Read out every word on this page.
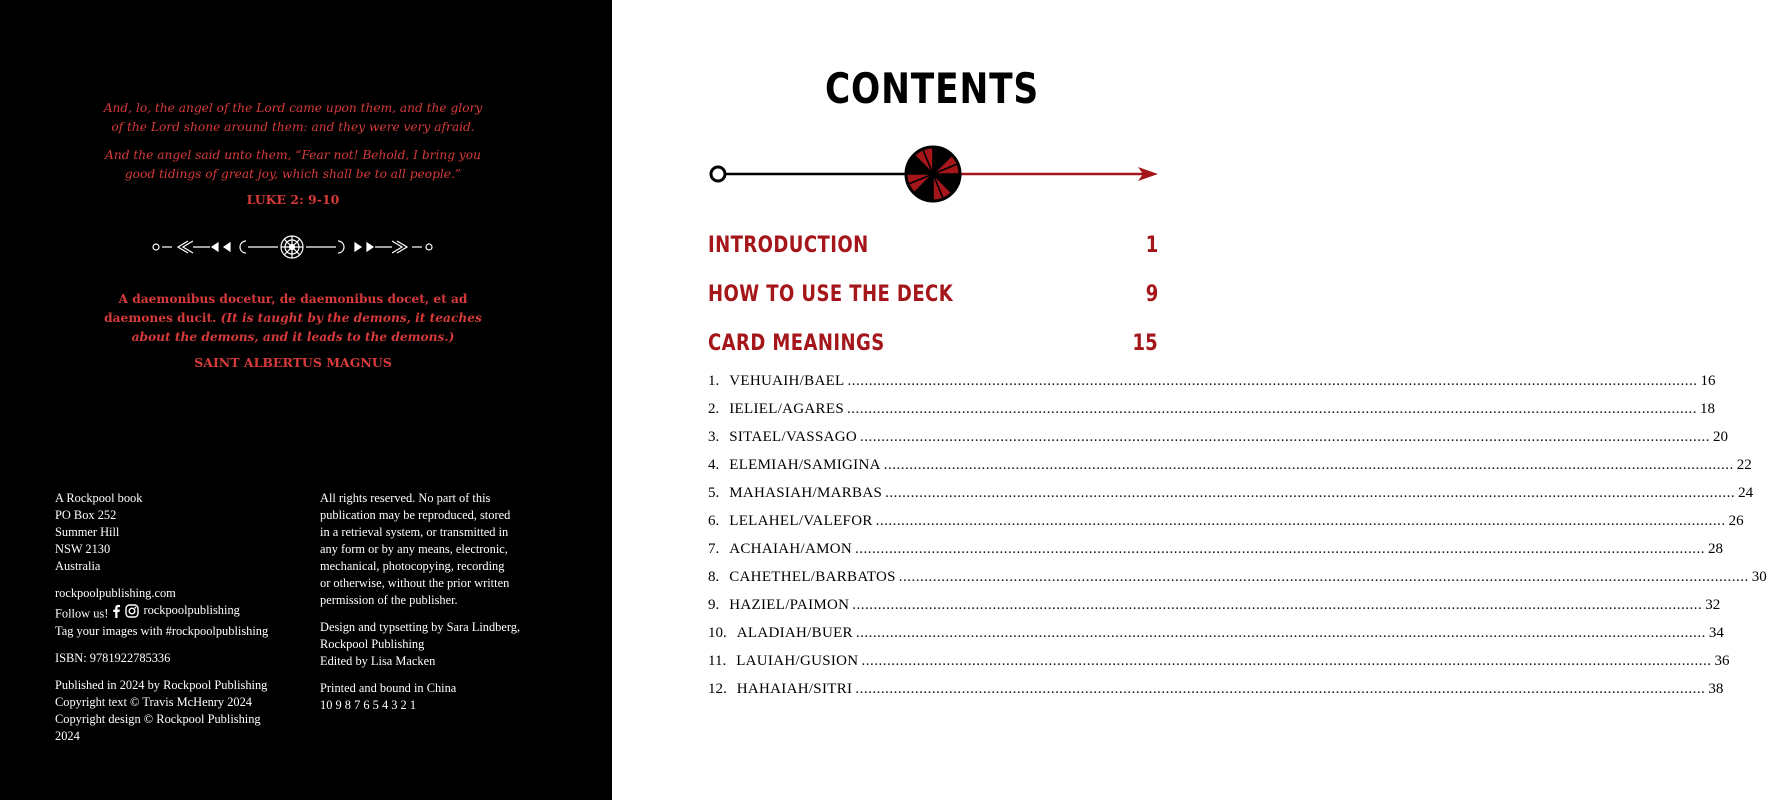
And, lo, the angel of the Lord came upon them, and the glory
of the Lord shone around them: and they were very afraid.

And the angel said unto them, “Fear not! Behold, I bring you
good tidings of great joy, which shall be to all people.”

LUKE 2: 9-10

A daemonibus docetur, de daemonibus docet, et ad
daemones ducit. (It is taught by the demons, it teaches
about the demons, and it leads to the demons.)

SAINT ALBERTUS MAGNUS

A Rockpool book

PO Box 252

Summer Hill

NSW 2130

Australia

rockpoolpublishing.com

Follow us!	rockpoolpublishing

Tag your images with #rockpoolpublishing

ISBN: 9781922785336

Published in 2024 by Rockpool Publishing

Copyright text © Travis McHenry 2024

Copyright design © Rockpool Publishing

2024

All rights reserved. No part of this

publication may be reproduced, stored

in a retrieval system, or transmitted in

any form or by any means, electronic,

mechanical, photocopying, recording

or otherwise, without the prior written

permission of the publisher.

Design and typsetting by Sara Lindberg,

Rockpool Publishing

Edited by Lisa Macken

Printed and bound in China

10 9 8 7 6 5 4 3 2 1

CONTENTS
INTRODUCTION	1
HOW TO USE THE DECK	9
CARD MEANINGS	15
1. VEHUAIH/BAEL ........................................................................................................................................................................................................ 16
2. IELIEL/AGARES ........................................................................................................................................................................................................ 18
3. SITAEL/VASSAGO ........................................................................................................................................................................................................ 20
4. ELEMIAH/SAMIGINA ........................................................................................................................................................................................................ 22
5. MAHASIAH/MARBAS ........................................................................................................................................................................................................ 24
6. LELAHEL/VALEFOR ........................................................................................................................................................................................................ 26
7. ACHAIAH/AMON ........................................................................................................................................................................................................ 28
8. CAHETHEL/BARBATOS ........................................................................................................................................................................................................ 30
9. HAZIEL/PAIMON ........................................................................................................................................................................................................ 32
10. ALADIAH/BUER ........................................................................................................................................................................................................ 34
11. LAUIAH/GUSION ........................................................................................................................................................................................................ 36
12. HAHAIAH/SITRI ........................................................................................................................................................................................................ 38
